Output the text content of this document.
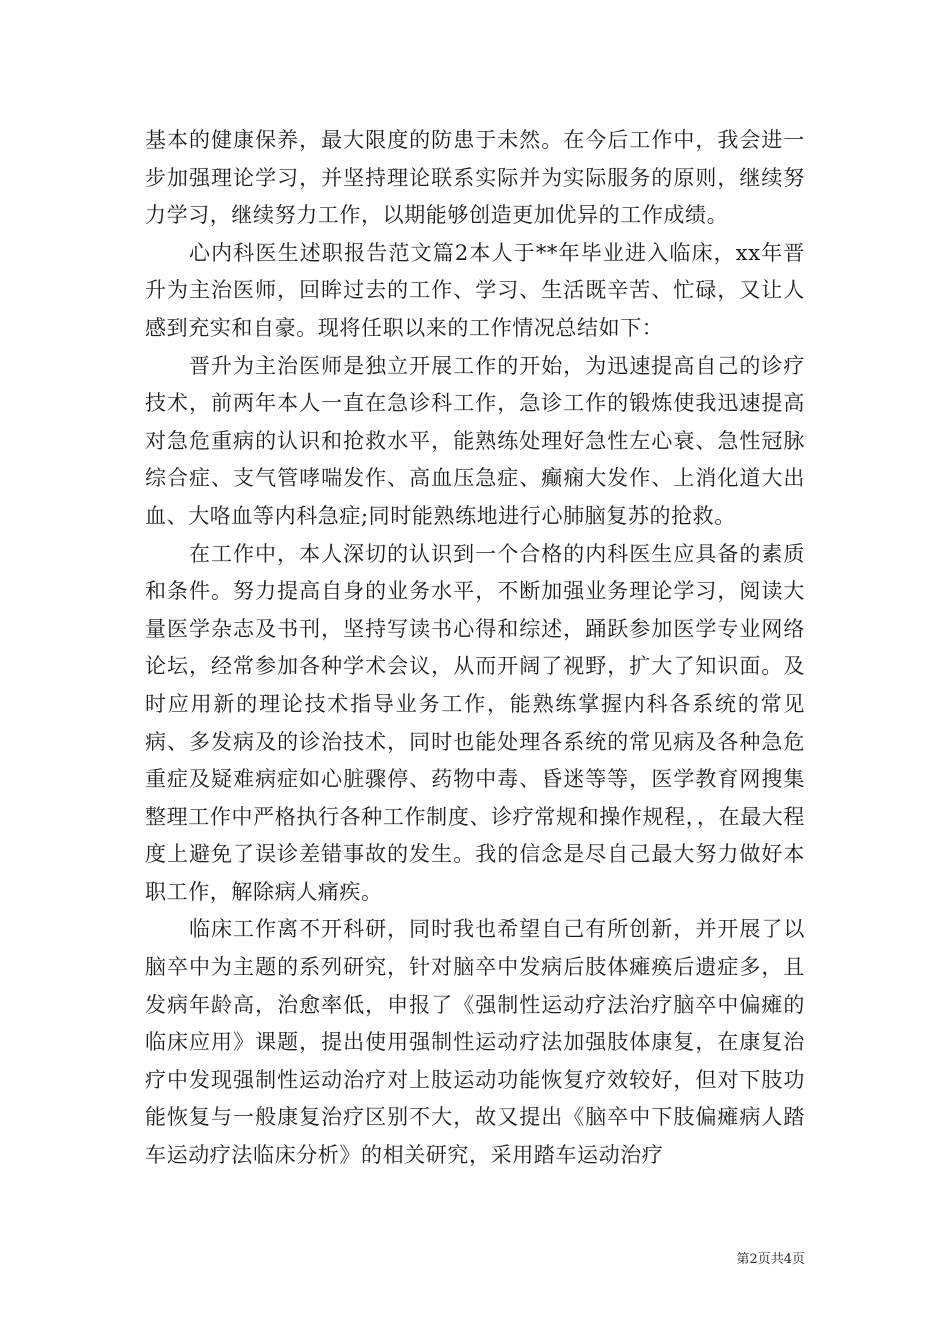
基本的健康保养，最大限度的防患于未然。在今后工作中，我会进一步加强理论学习，并坚持理论联系实际并为实际服务的原则，继续努力学习，继续努力工作，以期能够创造更加优异的工作成绩。

心内科医生述职报告范文篇2本人于**年毕业进入临床，xx年晋升为主治医师，回眸过去的工作、学习、生活既辛苦、忙碌，又让人感到充实和自豪。现将任职以来的工作情况总结如下：

晋升为主治医师是独立开展工作的开始，为迅速提高自己的诊疗技术，前两年本人一直在急诊科工作，急诊工作的锻炼使我迅速提高对急危重病的认识和抢救水平，能熟练处理好急性左心衰、急性冠脉综合症、支气管哮喘发作、高血压急症、癫痫大发作、上消化道大出血、大咯血等内科急症;同时能熟练地进行心肺脑复苏的抢救。

在工作中，本人深切的认识到一个合格的内科医生应具备的素质和条件。努力提高自身的业务水平，不断加强业务理论学习，阅读大量医学杂志及书刊，坚持写读书心得和综述，踊跃参加医学专业网络论坛，经常参加各种学术会议，从而开阔了视野，扩大了知识面。及时应用新的理论技术指导业务工作，能熟练掌握内科各系统的常见病、多发病及的诊治技术，同时也能处理各系统的常见病及各种急危重症及疑难病症如心脏骤停、药物中毒、昏迷等等，医学教育网搜集整理工作中严格执行各种工作制度、诊疗常规和操作规程，，在最大程度上避免了误诊差错事故的发生。我的信念是尽自己最大努力做好本职工作，解除病人痛疾。

临床工作离不开科研，同时我也希望自己有所创新，并开展了以脑卒中为主题的系列研究，针对脑卒中发病后肢体瘫痪后遗症多，且发病年龄高，治愈率低，申报了《强制性运动疗法治疗脑卒中偏瘫的临床应用》课题，提出使用强制性运动疗法加强肢体康复，在康复治疗中发现强制性运动治疗对上肢运动功能恢复疗效较好，但对下肢功能恢复与一般康复治疗区别不大，故又提出《脑卒中下肢偏瘫病人踏车运动疗法临床分析》的相关研究，采用踏车运动治疗

第2页共4页
